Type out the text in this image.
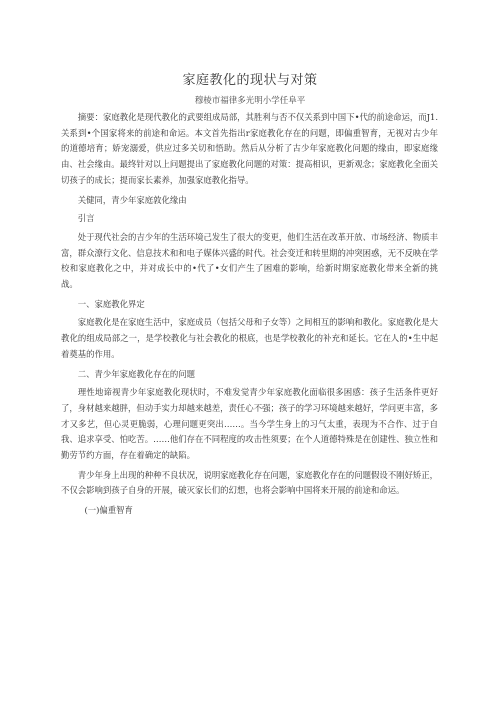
家庭教化的现状与对策
穆棱市福律多光明小学任阜平

摘要：家庭教化是现代教化的武要组成局部，其胜利与否不仅关系到中国下•代的前途命运，而J1.关系到•个国家将来的前途和命运。本文首先指出r家庭教化存在的问题，即偏重智育，无视对古少年的道德培育；娇宠溺爱，供应过多关切和悟助。然后从分析了古少年家庭教化问题的缘由，即家庭缘由、社会缘由。最终针对以上问题提出了家庭教化问题的对策：提高相识，更新观念；家庭教化全面关切孩子的成长；提而家长素养，加强家庭教化指导。

关健同，青少年家庭敦化缘由

引言

处于现代社会的吉少年的生活环境己发生了很大的变更，他们生活在改革开放、市场经济、物质丰富，群众潦行文化、信息技术和和电子媒体兴盛的时代。社会变迁和转里期的冲突困惑，无不反映在学校和家庭教化之中，并对成长中的•代了•女们产生了困难的影响，给新时期家庭教化带来全新的挑战。

一、家庭教化界定

家庭教化是在家庭生活中，家庭成员（包括父母和子女等）之间相互的影响和教化。家庭教化是大教化的组成局部之一，是学校教化与社会教化的根底，也是学校教化的补充和延长。它在人的•生中起着奠基的作用。

二、青少年家庭教化存在的问题

理性地谛视青少年家庭教化现状时，不难发觉青少年家庭教化面临很多困感：孩子生活条件更好了，身材越来越胖，但动手实力却越来越差，责任心不强；孩子的学习环境越来越好，学问更丰富，多才又多艺，但心灵更脆弱，心理问题更突出……。当今学生身上的习气太重，表现为不合作、过于自我、追求享受、怕吃苦。……他们存在不同程度的攻击性须要；在个人道德特殊是在创建性、独立性和勤劳节约方面，存在着确定的缺陷。

青少年身上出现的种种不良状况，说明家庭教化存在问题，家庭教化存在的问题假设不刚好矫正，不仅会影响到孩子自身的开展，破灭家长们的幻想，也将会影响中国将来开展的前途和命运。

(一)偏重智育
